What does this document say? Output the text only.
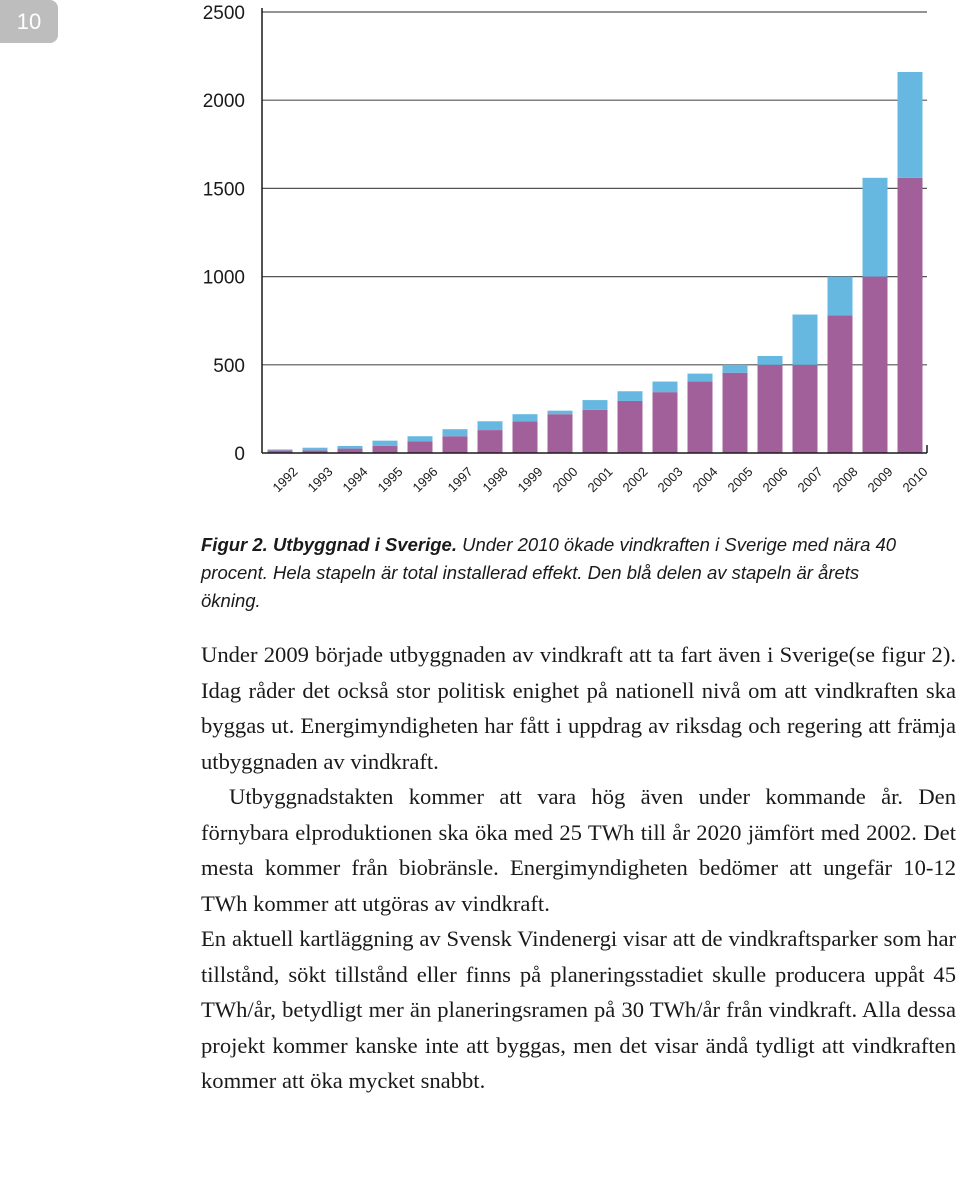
10
0
500
1000
1500
2000
2500
1992 1993 1994 1995 1996 1997 1998 1999 2000 2001 2002 2003 2004 2005 2006 2007 2008 2009 2010

Figur 2. Utbyggnad i Sverige. Under 2010 ökade vindkraften i Sverige med nära 40 procent. Hela stapeln är total installerad effekt. Den blå delen av stapeln är årets ökning.

Under 2009 började utbyggnaden av vindkraft att ta fart även i Sverige(se figur 2). Idag råder det också stor politisk enighet på nationell nivå om att vindkraften ska byggas ut. Energimyndigheten har fått i uppdrag av riksdag och regering att främja utbyggnaden av vindkraft.

Utbyggnadstakten kommer att vara hög även under kommande år. Den förnybara elproduktionen ska öka med 25 TWh till år 2020 jämfört med 2002. Det mesta kommer från biobränsle. Energimyndigheten bedömer att ungefär 10-12 TWh kommer att utgöras av vindkraft.

En aktuell kartläggning av Svensk Vindenergi visar att de vindkraftsparker som har tillstånd, sökt tillstånd eller finns på planeringsstadiet skulle producera uppåt 45 TWh/år, betydligt mer än planeringsramen på 30 TWh/år från vindkraft. Alla dessa projekt kommer kanske inte att byggas, men det visar ändå tydligt att vindkraften kommer att öka mycket snabbt.
